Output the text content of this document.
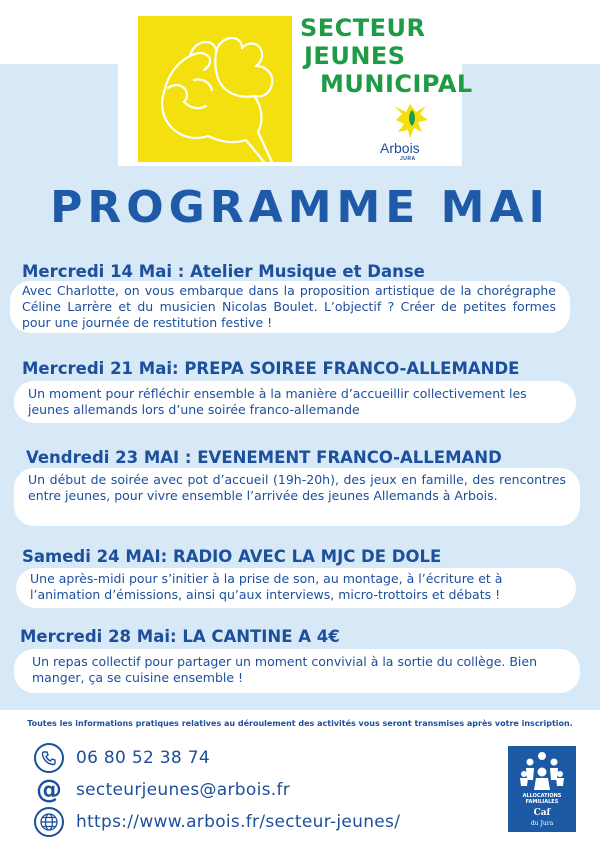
SECTEUR
JEUNES
MUNICIPAL
Arbois
JURA
PROGRAMME MAI
Mercredi 14 Mai : Atelier Musique et Danse
Avec Charlotte, on vous embarque dans la proposition artistique de la chorégraphe Céline Larrère et du musicien Nicolas Boulet. L’objectif ? Créer de petites formes pour une journée de restitution festive !
Mercredi 21 Mai: PREPA SOIREE FRANCO-ALLEMANDE
Un moment pour réfléchir ensemble à la manière d’accueillir collectivement les jeunes allemands lors d’une soirée franco-allemande
Vendredi 23 MAI : EVENEMENT FRANCO-ALLEMAND
Un début de soirée avec pot d’accueil (19h-20h), des jeux en famille, des rencontres entre jeunes, pour vivre ensemble l’arrivée des jeunes Allemands à Arbois.
Samedi 24 MAI: RADIO AVEC LA MJC DE DOLE
Une après-midi pour s’initier à la prise de son, au montage, à l’écriture et à l’animation d’émissions, ainsi qu’aux interviews, micro-trottoirs et débats !
Mercredi 28 Mai: LA CANTINE A 4€
Un repas collectif pour partager un moment convivial à la sortie du collège. Bien manger, ça se cuisine ensemble !
Toutes les informations pratiques relatives au déroulement des activités vous seront transmises après votre inscription.
06 80 52 38 74
@ secteurjeunes@arbois.fr
https://www.arbois.fr/secteur-jeunes/
ALLOCATIONS FAMILIALES
Caf
du Jura
